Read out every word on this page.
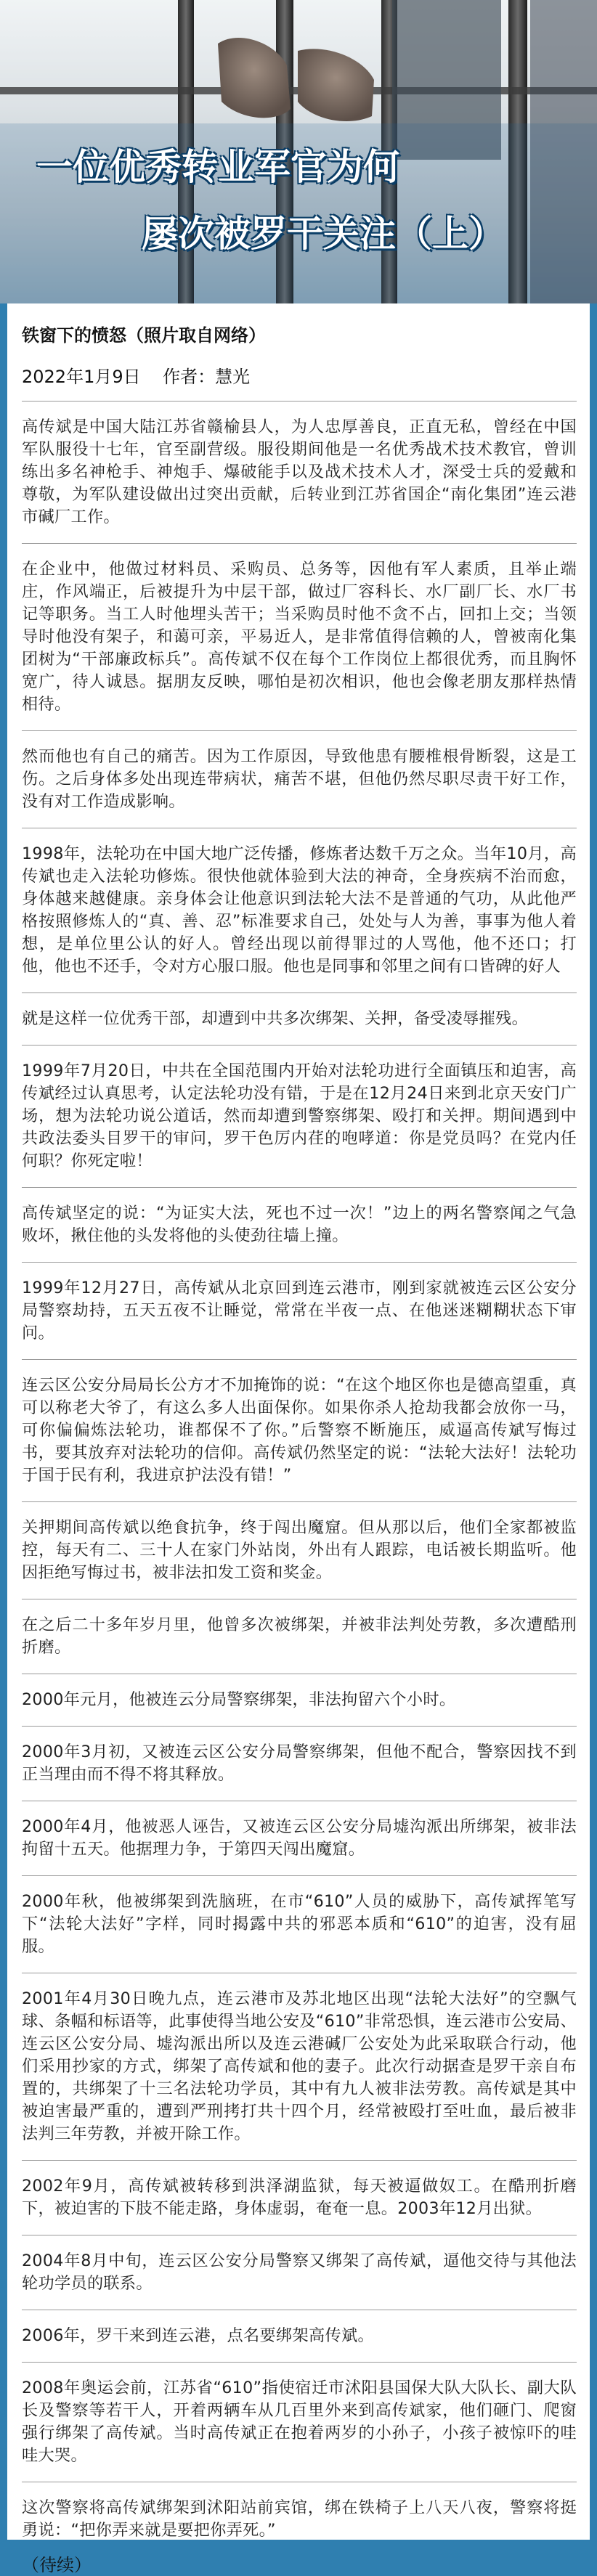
一位优秀转业军官为何
屡次被罗干关注（上）
铁窗下的愤怒（照片取自网络）
2022年1月9日 作者：慧光

高传斌是中国大陆江苏省赣榆县人，为人忠厚善良，正直无私，曾经在中国军队服役十七年，官至副营级。服役期间他是一名优秀战术技术教官，曾训练出多名神枪手、神炮手、爆破能手以及战术技术人才，深受士兵的爱戴和尊敬，为军队建设做出过突出贡献，后转业到江苏省国企“南化集团”连云港市碱厂工作。

在企业中，他做过材料员、采购员、总务等，因他有军人素质，且举止端庄，作风端正，后被提升为中层干部，做过厂容科长、水厂副厂长、水厂书记等职务。当工人时他埋头苦干；当采购员时他不贪不占，回扣上交；当领导时他没有架子，和蔼可亲，平易近人，是非常值得信赖的人，曾被南化集团树为“干部廉政标兵”。高传斌不仅在每个工作岗位上都很优秀，而且胸怀宽广，待人诚恳。据朋友反映，哪怕是初次相识，他也会像老朋友那样热情相待。

然而他也有自己的痛苦。因为工作原因，导致他患有腰椎根骨断裂，这是工伤。之后身体多处出现连带病状，痛苦不堪，但他仍然尽职尽责干好工作，没有对工作造成影响。

1998年，法轮功在中国大地广泛传播，修炼者达数千万之众。当年10月，高传斌也走入法轮功修炼。很快他就体验到大法的神奇，全身疾病不治而愈，身体越来越健康。亲身体会让他意识到法轮大法不是普通的气功，从此他严格按照修炼人的“真、善、忍”标准要求自己，处处与人为善，事事为他人着想，是单位里公认的好人。曾经出现以前得罪过的人骂他，他不还口；打他，他也不还手，令对方心服口服。他也是同事和邻里之间有口皆碑的好人

就是这样一位优秀干部，却遭到中共多次绑架、关押，备受凌辱摧残。

1999年7月20日，中共在全国范围内开始对法轮功进行全面镇压和迫害，高传斌经过认真思考，认定法轮功没有错，于是在12月24日来到北京天安门广场，想为法轮功说公道话，然而却遭到警察绑架、殴打和关押。期间遇到中共政法委头目罗干的审问，罗干色厉内荏的咆哮道：你是党员吗？在党内任何职？你死定啦！

高传斌坚定的说：“为证实大法，死也不过一次！”边上的两名警察闻之气急败坏，揪住他的头发将他的头使劲往墙上撞。

1999年12月27日，高传斌从北京回到连云港市，刚到家就被连云区公安分局警察劫持，五天五夜不让睡觉，常常在半夜一点、在他迷迷糊糊状态下审问。

连云区公安分局局长公方才不加掩饰的说：“在这个地区你也是德高望重，真可以称老大爷了，有这么多人出面保你。如果你杀人抢劫我都会放你一马，可你偏偏炼法轮功，谁都保不了你。”后警察不断施压，威逼高传斌写悔过书，要其放弃对法轮功的信仰。高传斌仍然坚定的说：“法轮大法好！法轮功于国于民有利，我进京护法没有错！”

关押期间高传斌以绝食抗争，终于闯出魔窟。但从那以后，他们全家都被监控，每天有二、三十人在家门外站岗，外出有人跟踪，电话被长期监听。他因拒绝写悔过书，被非法扣发工资和奖金。

在之后二十多年岁月里，他曾多次被绑架，并被非法判处劳教，多次遭酷刑折磨。

2000年元月，他被连云分局警察绑架，非法拘留六个小时。

2000年3月初，又被连云区公安分局警察绑架，但他不配合，警察因找不到正当理由而不得不将其释放。

2000年4月，他被恶人诬告，又被连云区公安分局墟沟派出所绑架，被非法拘留十五天。他据理力争，于第四天闯出魔窟。

2000年秋，他被绑架到洗脑班，在市“610”人员的威胁下，高传斌挥笔写下“法轮大法好”字样，同时揭露中共的邪恶本质和“610”的迫害，没有屈服。

2001年4月30日晚九点，连云港市及苏北地区出现“法轮大法好”的空飘气球、条幅和标语等，此事使得当地公安及“610”非常恐惧，连云港市公安局、连云区公安分局、墟沟派出所以及连云港碱厂公安处为此采取联合行动，他们采用抄家的方式，绑架了高传斌和他的妻子。此次行动据查是罗干亲自布置的，共绑架了十三名法轮功学员，其中有九人被非法劳教。高传斌是其中被迫害最严重的，遭到严刑拷打共十四个月，经常被殴打至吐血，最后被非法判三年劳教，并被开除工作。

2002年9月，高传斌被转移到洪泽湖监狱，每天被逼做奴工。在酷刑折磨下，被迫害的下肢不能走路，身体虚弱，奄奄一息。2003年12月出狱。

2004年8月中旬，连云区公安分局警察又绑架了高传斌，逼他交待与其他法轮功学员的联系。

2006年，罗干来到连云港，点名要绑架高传斌。

2008年奥运会前，江苏省“610”指使宿迁市沭阳县国保大队大队长、副大队长及警察等若干人，开着两辆车从几百里外来到高传斌家，他们砸门、爬窗强行绑架了高传斌。当时高传斌正在抱着两岁的小孙子，小孩子被惊吓的哇哇大哭。

这次警察将高传斌绑架到沭阳站前宾馆，绑在铁椅子上八天八夜，警察将挺勇说：“把你弄来就是要把你弄死。”

（待续）
